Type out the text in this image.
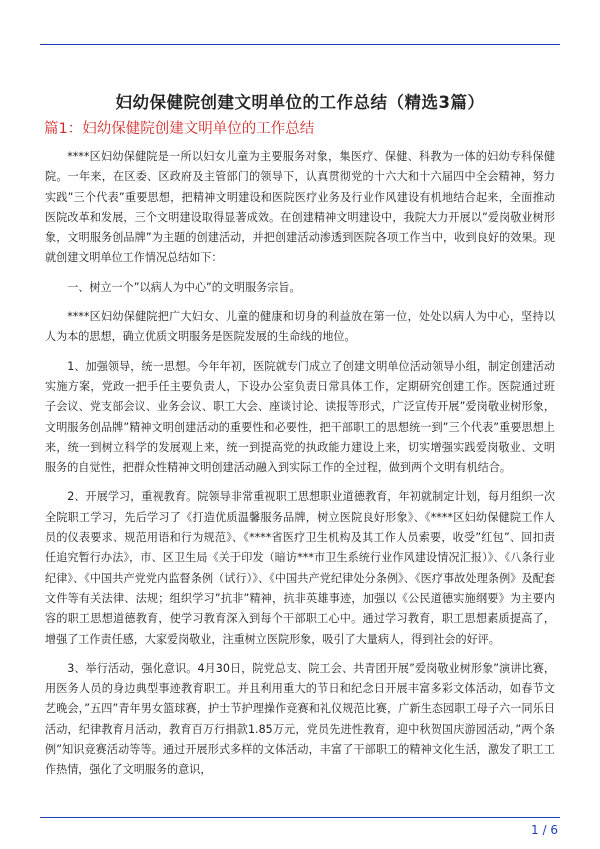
妇幼保健院创建文明单位的工作总结（精选3篇）
篇1：妇幼保健院创建文明单位的工作总结

****区妇幼保健院是一所以妇女儿童为主要服务对象，集医疗、保健、科教为一体的妇幼专科保健院。一年来，在区委、区政府及主管部门的领导下，认真贯彻党的十六大和十六届四中全会精神，努力实践”三个代表”重要思想，把精神文明建设和医院医疗业务及行业作风建设有机地结合起来，全面推动医院改革和发展，三个文明建设取得显著成效。在创建精神文明建设中，我院大力开展以”爱岗敬业树形象，文明服务创品牌”为主题的创建活动，并把创建活动渗透到医院各项工作当中，收到良好的效果。现就创建文明单位工作情况总结如下：

一、树立一个”以病人为中心”的文明服务宗旨。

****区妇幼保健院把广大妇女、儿童的健康和切身的利益放在第一位，处处以病人为中心，坚持以人为本的思想，确立优质文明服务是医院发展的生命线的地位。

1、加强领导，统一思想。今年年初，医院就专门成立了创建文明单位活动领导小组，制定创建活动实施方案，党政一把手任主要负责人，下设办公室负责日常具体工作，定期研究创建工作。医院通过班子会议、党支部会议、业务会议、职工大会、座谈讨论、读报等形式，广泛宣传开展”爱岗敬业树形象，文明服务创品牌”精神文明创建活动的重要性和必要性，把干部职工的思想统一到”三个代表”重要思想上来，统一到树立科学的发展观上来，统一到提高党的执政能力建设上来，切实增强实践爱岗敬业、文明服务的自觉性，把群众性精神文明创建活动融入到实际工作的全过程，做到两个文明有机结合。

2、开展学习，重视教育。院领导非常重视职工思想职业道德教育，年初就制定计划，每月组织一次全院职工学习，先后学习了《打造优质温馨服务品牌，树立医院良好形象》、《****区妇幼保健院工作人员的仪表要求、规范用语和行为规范》、《****省医疗卫生机构及其工作人员索要，收受”红包”、回扣责任追究暂行办法》，市、区卫生局《关于印发（暗访***市卫生系统行业作风建设情况汇报）》、《八条行业纪律》、《中国共产党党内监督条例（试行）》、《中国共产党纪律处分条例》、《医疗事故处理条例》及配套文件等有关法律、法规；组织学习”抗非”精神，抗非英雄事迹，加强以《公民道德实施纲要》为主要内容的职工思想道德教育，使学习教育深入到每个干部职工心中。通过学习教育，职工思想素质提高了，增强了工作责任感，大家爱岗敬业，注重树立医院形象，吸引了大量病人，得到社会的好评。

3、举行活动，强化意识。4月30日，院党总支、院工会、共青团开展”爱岗敬业树形象”演讲比赛，用医务人员的身边典型事迹教育职工。并且利用重大的节日和纪念日开展丰富多彩文体活动，如春节文艺晚会，”五四”青年男女篮球赛，护士节护理操作竞赛和礼仪规范比赛，广新生态园职工母子六一同乐日活动，纪律教育月活动，教育百万行捐款1.85万元，党员先进性教育，迎中秋贺国庆游园活动，”两个条例”知识竞赛活动等等。通过开展形式多样的文体活动，丰富了干部职工的精神文化生活，激发了职工工作热情，强化了文明服务的意识，

1 / 6
